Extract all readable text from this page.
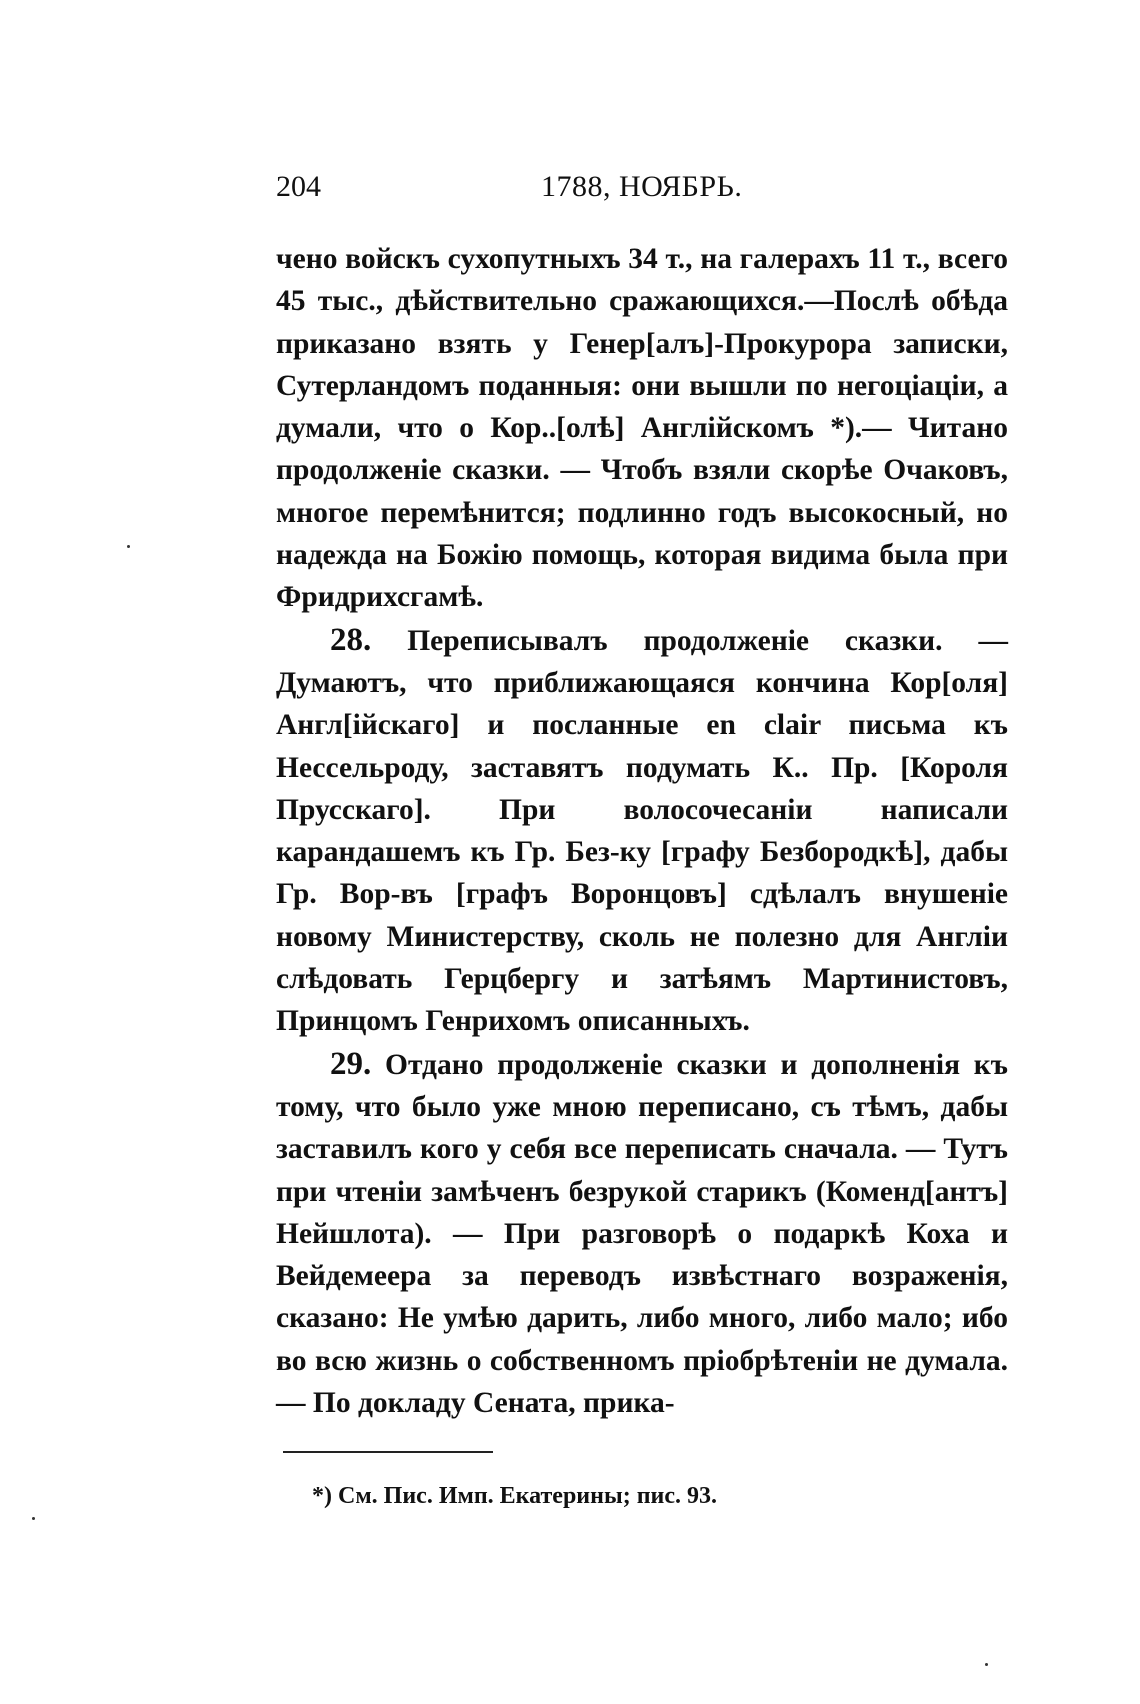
204	1788, НОЯБРЬ.

чено войскъ сухопутныхъ 34 т., на галерахъ 11 т., всего 45 тыс., дѣйствительно сражающихся.—Послѣ обѣда приказано взять у Генер[алъ]-Прокурора записки, Сутерландомъ поданныя: они вышли по негоціаціи, а думали, что о Кор..[олѣ] Англійскомъ *).— Читано продолженіе сказки. — Чтобъ взяли скорѣе Очаковъ, многое перемѣнится; подлинно годъ высокосный, но надежда на Божію помощь, которая видима была при Фридрихсгамѣ.

28. Переписывалъ продолженіе сказки. — Думаютъ, что приближающаяся кончина Кор[оля] Англ[ійскаго] и посланные en clair письма къ Нессельроду, заставятъ подумать К.. Пр. [Короля Прусскаго]. При волосочесаніи написали карандашемъ къ Гр. Без-ку [графу Безбородкѣ], дабы Гр. Вор-въ [графъ Воронцовъ] сдѣлалъ внушеніе новому Министерству, сколь не полезно для Англіи слѣдовать Герцбергу и затѣямъ Мартинистовъ, Принцомъ Генрихомъ описанныхъ.

29. Отдано продолженіе сказки и дополненія къ тому, что было уже мною переписано, съ тѣмъ, дабы заставилъ кого у себя все переписать сначала. — Тутъ при чтеніи замѣченъ безрукой старикъ (Коменд[антъ] Нейшлота). — При разговорѣ о подаркѣ Коха и Вейдемеера за переводъ извѣстнаго возраженія, сказано: Не умѣю дарить, либо много, либо мало; ибо во всю жизнь о собственномъ пріобрѣтеніи не думала. — По докладу Сената, прика-

*) См. Пис. Имп. Екатерины; пис. 93.
